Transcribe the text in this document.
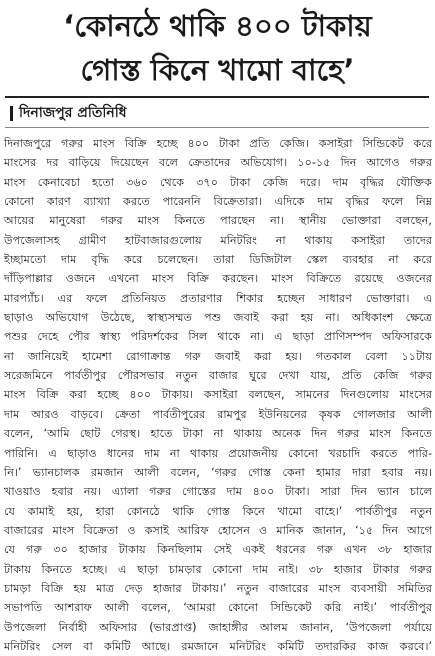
‘কোনঠে থাকি ৪০০ টাকায়
গোস্ত কিনে খামো বাহে’
দিনাজপুর প্রতিনিধি
দিনাজপুরে গরুর মাংস বিক্রি হচ্ছে ৪০০ টাকা প্রতি কেজি। কসাইরা সিন্ডিকেট করে
মাংসের দর বাড়িয়ে দিয়েছেন বলে ক্রেতাদের অভিযোগ। ১০-১৫ দিন আগেও গরুর
মাংস কেনাবেচা হতো ৩৬০ থেকে ৩৭০ টাকা কেজি দরে। দাম বৃদ্ধির যৌক্তিক
কোনো কারণ ব্যাখ্যা করতে পারেননি বিক্রেতারা। এদিকে দাম বৃদ্ধির ফলে নিম্ন
আয়ের মানুষেরা গরুর মাংস কিনতে পারছেন না। স্থানীয় ভোক্তারা বলছেন,
উপজেলাসহ গ্রামীণ হাটবাজারগুলোয় মনিটরিং না থাকায় কসাইরা তাদের
ইচ্ছামতো দাম বৃদ্ধি করে চলেছেন। তারা ডিজিটাল স্কেল ব্যবহার না করে
দাঁড়িপাল্লার ওজনে এখনো মাংস বিক্রি করছেন। মাংস বিক্রিতে রয়েছে ওজনের
মারপ্যাঁচ। এর ফলে প্রতিনিয়ত প্রতারণার শিকার হচ্ছেন সাধারণ ভোক্তারা। এ
ছাড়াও অভিযোগ উঠেছে, স্বাস্থ্যসম্মত পশু জবাই করা হয় না। অধিকাংশ ক্ষেত্রে
পশুর দেহে পৌর স্বাস্থ্য পরিদর্শকের সিল থাকে না। এ ছাড়া প্রাণিসম্পদ অফিসারকে
না জানিয়েই হামেশা রোগাক্রান্ত গরু জবাই করা হয়। গতকাল বেলা ১১টায়
সরেজমিনে পার্বতীপুর পৌরসভার নতুন বাজার ঘুরে দেখা যায়, প্রতি কেজি গরুর
মাংস বিক্রি করা হচ্ছে ৪০০ টাকায়। কসাইরা বলছেন, সামনের দিনগুলোয় মাংসের
দাম আরও বাড়বে। ক্রেতা পার্বতীপুরের রামপুর ইউনিয়নের কৃষক গোলজার আলী
বলেন, ‘আমি ছোট গেরস্থ। হাতে টাকা না থাকায় অনেক দিন গরুর মাংস কিনতে
পারিনি। এ ছাড়াও ধানের দাম না থাকায় প্রয়োজনীয় কোনো খরচাদি করতে পারি-
নি।’ ভ্যানচালক রমজান আলী বলেন, ‘গরুর গোস্ত কেনা হামার দারা হবার নয়।
খাওয়াও হবার নয়। এ্যালা গরুর গোস্তের দাম ৪০০ টাকা। সারা দিন ভ্যান চালে
যে কামাই হয়, হারা কোনঠে থাকি গোস্ত কিনে খামো বাহে।’ পার্বতীপুর নতুন
বাজারের মাংস বিক্রেতা ও কসাই আরিফ হোসেন ও মানিক জানান, ‘১৫ দিন আগে
যে গরু ৩০ হাজার টাকায় কিনছিলাম সেই একই ধরনের গরু এখন ৩৮ হাজার
টাকায় কিনতে হচ্ছে। এ ছাড়া চামড়ার কোনো দাম নাই। ৩৮ হাজার টাকার গরুর
চামড়া বিক্রি হয় মাত্র দেড় হাজার টাকায়।’ নতুন বাজারের মাংস ব্যবসায়ী সমিতির
সভাপতি আশরাফ আলী বলেন, ‘আমরা কোনো সিন্ডিকেট করি নাই।’ পার্বতীপুর
উপজেলা নির্বাহী অফিসার (ভারপ্রাপ্ত) জাহাঙ্গীর আলম জানান, ‘উপজেলা পর্যায়ে
মনিটরিং সেল বা কমিটি আছে। রমজানে মনিটরিং কমিটি তদারকির কাজ করবে।’
